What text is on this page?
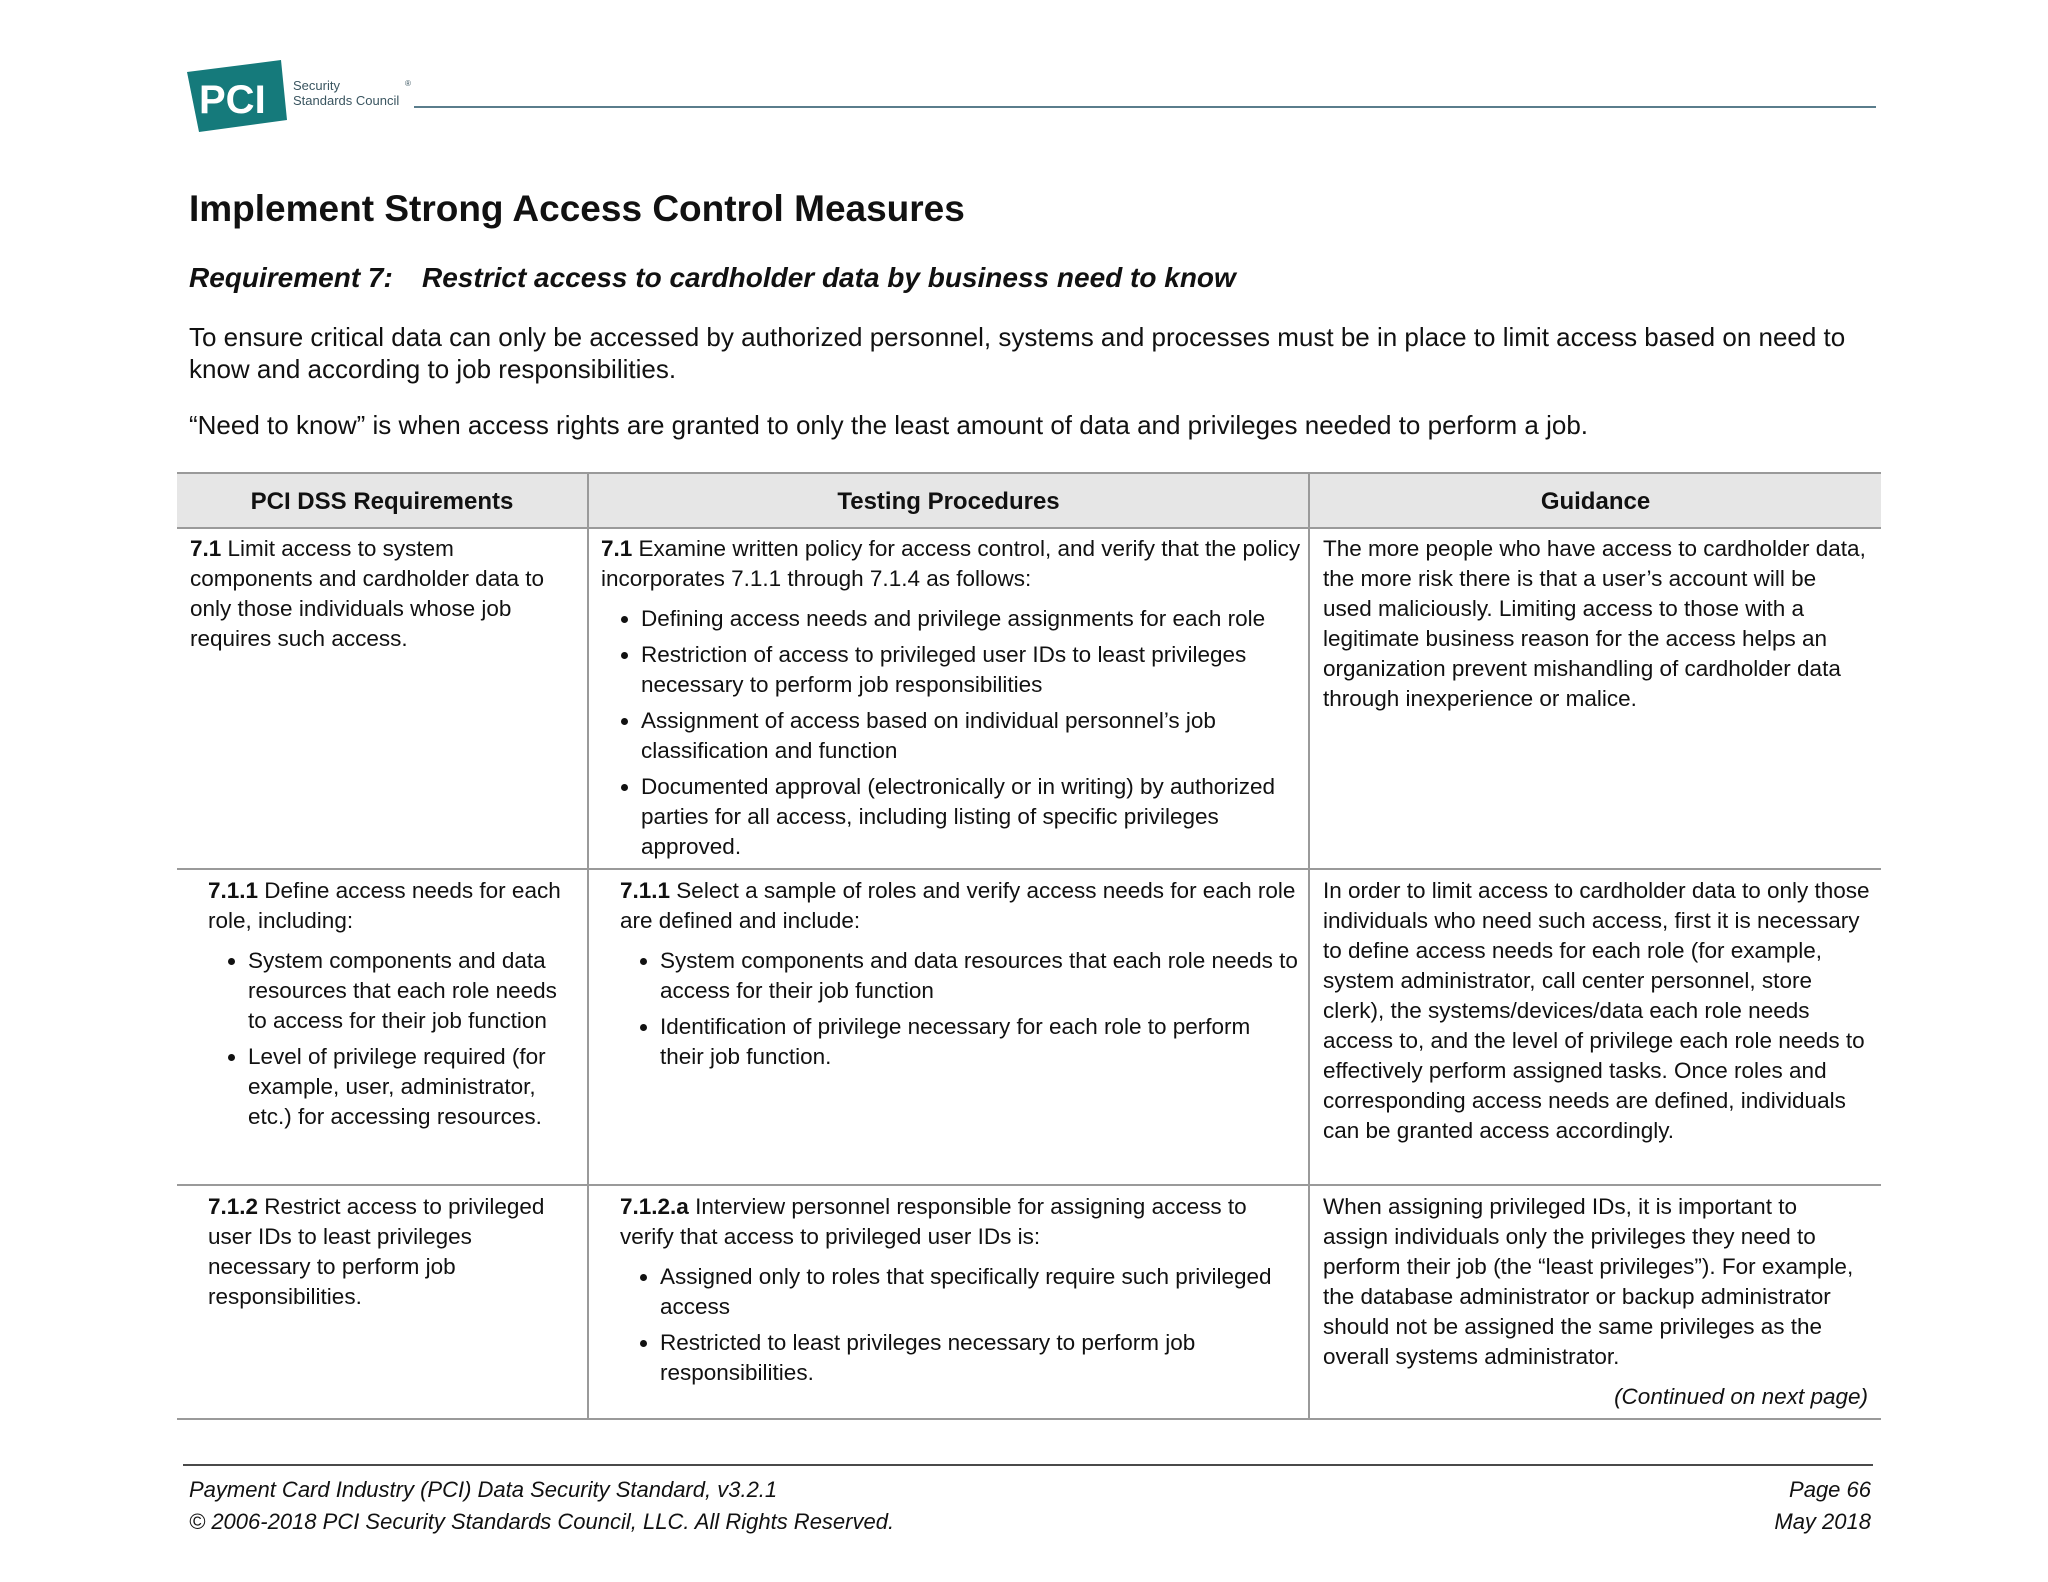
PCI Security
Standards Council
®
Implement Strong Access Control Measures
Requirement 7: Restrict access to cardholder data by business need to know
To ensure critical data can only be accessed by authorized personnel, systems and processes must be in place to limit access based on need to know and according to job responsibilities.
“Need to know” is when access rights are granted to only the least amount of data and privileges needed to perform a job.
PCI DSS Requirements	Testing Procedures	Guidance

7.1 Limit access to system components and cardholder data to only those individuals whose job requires such access.

7.1 Examine written policy for access control, and verify that the policy incorporates 7.1.1 through 7.1.4 as follows:

• Defining access needs and privilege assignments for each role
• Restriction of access to privileged user IDs to least privileges necessary to perform job responsibilities
• Assignment of access based on individual personnel’s job classification and function
• Documented approval (electronically or in writing) by authorized parties for all access, including listing of specific privileges approved.

The more people who have access to cardholder data, the more risk there is that a user’s account will be used maliciously. Limiting access to those with a legitimate business reason for the access helps an organization prevent mishandling of cardholder data through inexperience or malice.

7.1.1 Define access needs for each role, including:

• System components and data resources that each role needs to access for their job function
• Level of privilege required (for example, user, administrator, etc.) for accessing resources.

7.1.1 Select a sample of roles and verify access needs for each role are defined and include:

• System components and data resources that each role needs to access for their job function
• Identification of privilege necessary for each role to perform their job function.

In order to limit access to cardholder data to only those individuals who need such access, first it is necessary to define access needs for each role (for example, system administrator, call center personnel, store clerk), the systems/devices/data each role needs access to, and the level of privilege each role needs to effectively perform assigned tasks. Once roles and corresponding access needs are defined, individuals can be granted access accordingly.

7.1.2 Restrict access to privileged user IDs to least privileges necessary to perform job responsibilities.

7.1.2.a Interview personnel responsible for assigning access to verify that access to privileged user IDs is:

• Assigned only to roles that specifically require such privileged access
• Restricted to least privileges necessary to perform job responsibilities.

When assigning privileged IDs, it is important to assign individuals only the privileges they need to perform their job (the “least privileges”). For example, the database administrator or backup administrator should not be assigned the same privileges as the overall systems administrator.

(Continued on next page)

Payment Card Industry (PCI) Data Security Standard, v3.2.1
© 2006-2018 PCI Security Standards Council, LLC. All Rights Reserved.
Page 66
May 2018
